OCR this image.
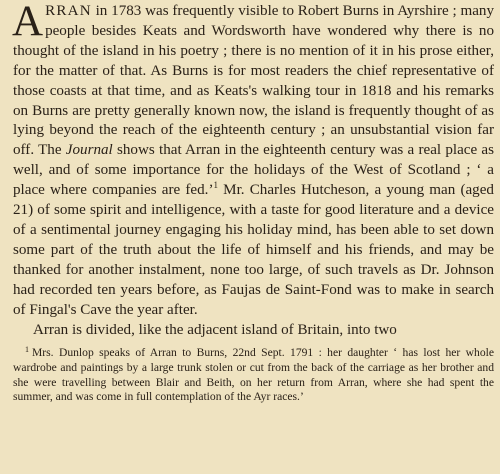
ARRAN in 1783 was frequently visible to Robert Burns in Ayrshire ; many people besides Keats and Wordsworth have wondered why there is no thought of the island in his poetry ; there is no mention of it in his prose either, for the matter of that. As Burns is for most readers the chief representative of those coasts at that time, and as Keats's walking tour in 1818 and his remarks on Burns are pretty generally known now, the island is frequently thought of as lying beyond the reach of the eighteenth century ; an unsubstantial vision far off. The Journal shows that Arran in the eighteenth century was a real place as well, and of some importance for the holidays of the West of Scotland ; ‘ a place where companies are fed.’$^1$ Mr. Charles Hutcheson, a young man (aged 21) of some spirit and intelligence, with a taste for good literature and a device of a sentimental journey engaging his holiday mind, has been able to set down some part of the truth about the life of himself and his friends, and may be thanked for another instalment, none too large, of such travels as Dr. Johnson had recorded ten years before, as Faujas de Saint-Fond was to make in search of Fingal's Cave the year after.

Arran is divided, like the adjacent island of Britain, into two

$^1$ Mrs. Dunlop speaks of Arran to Burns, 22nd Sept. 1791 : her daughter ‘ has lost her whole wardrobe and paintings by a large trunk stolen or cut from the back of the carriage as her brother and she were travelling between Blair and Beith, on her return from Arran, where she had spent the summer, and was come in full contemplation of the Ayr races.’
